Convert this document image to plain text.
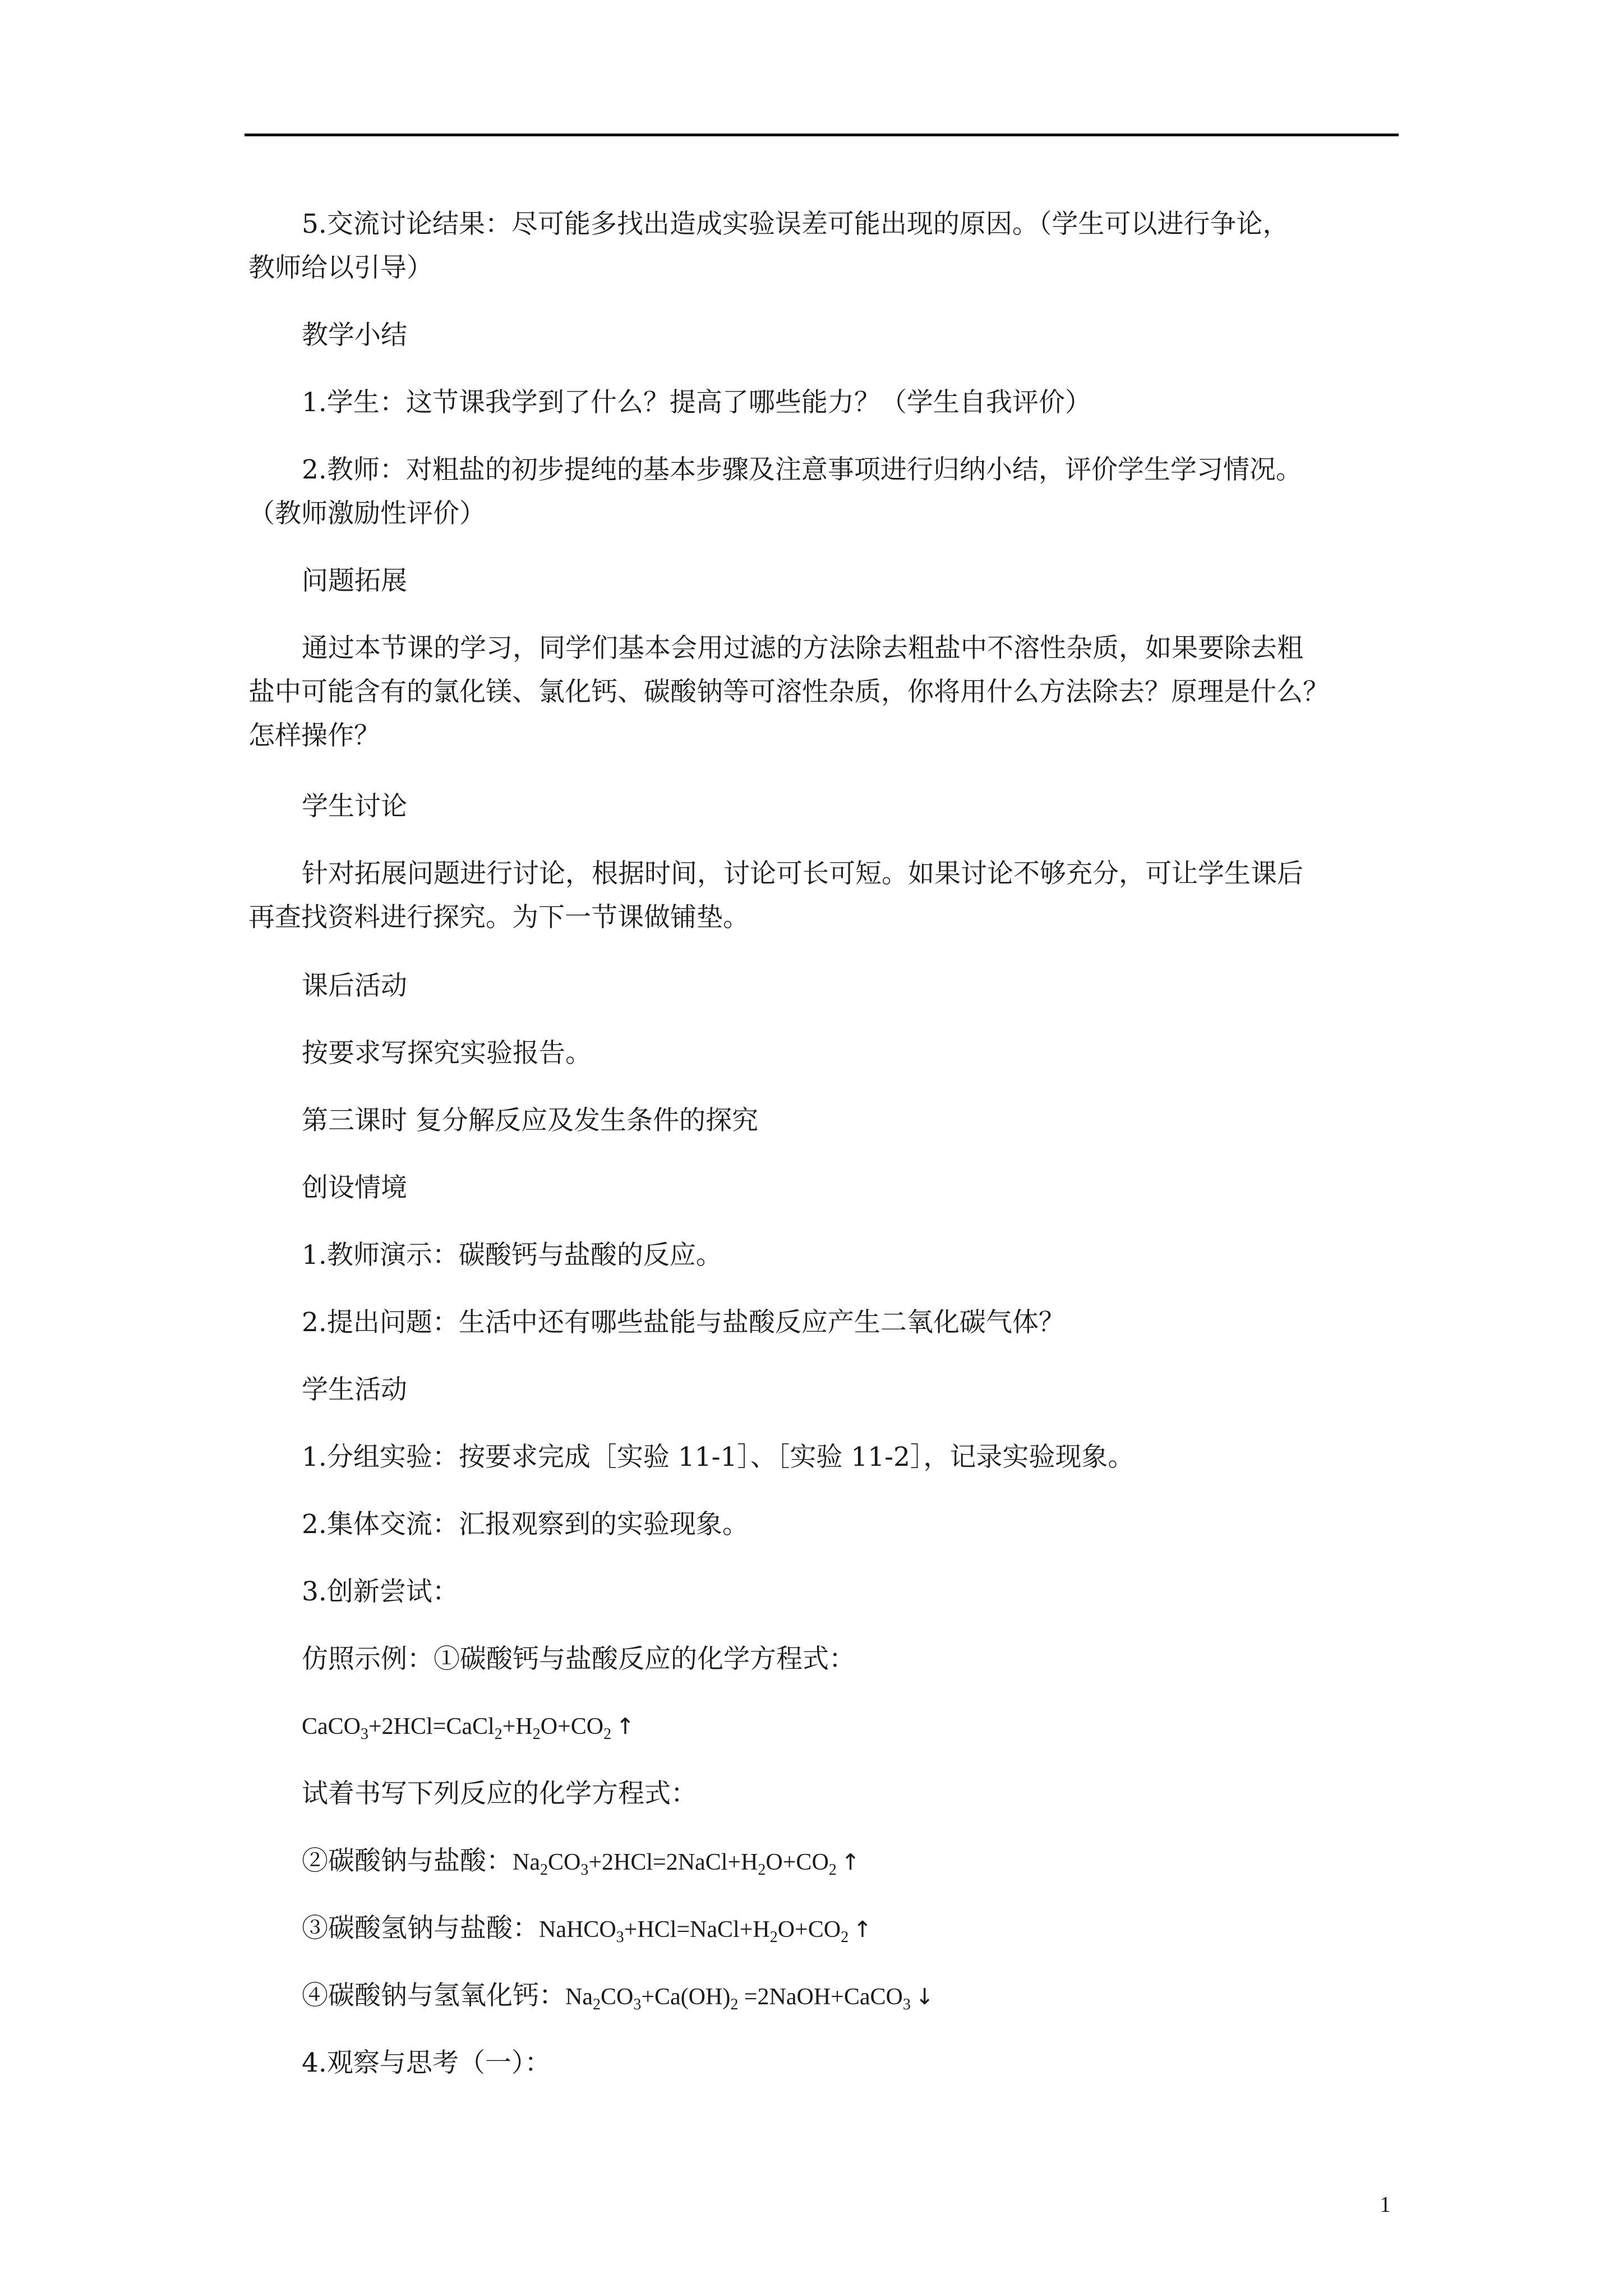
5.交流讨论结果：尽可能多找出造成实验误差可能出现的原因。（学生可以进行争论，
教师给以引导）
教学小结
1.学生：这节课我学到了什么？提高了哪些能力？（学生自我评价）
2.教师：对粗盐的初步提纯的基本步骤及注意事项进行归纳小结，评价学生学习情况。
（教师激励性评价）
问题拓展
通过本节课的学习，同学们基本会用过滤的方法除去粗盐中不溶性杂质，如果要除去粗
盐中可能含有的氯化镁、氯化钙、碳酸钠等可溶性杂质，你将用什么方法除去？原理是什么？
怎样操作？
学生讨论
针对拓展问题进行讨论，根据时间，讨论可长可短。如果讨论不够充分，可让学生课后
再查找资料进行探究。为下一节课做铺垫。
课后活动
按要求写探究实验报告。
第三课时 复分解反应及发生条件的探究
创设情境
1.教师演示：碳酸钙与盐酸的反应。
2.提出问题：生活中还有哪些盐能与盐酸反应产生二氧化碳气体？
学生活动
1.分组实验：按要求完成［实验 11-1］、［实验 11-2］，记录实验现象。
2.集体交流：汇报观察到的实验现象。
3.创新尝试：
仿照示例：①碳酸钙与盐酸反应的化学方程式：
$CaCO_3+2HCl=CaCl_2+H_2O+CO_2$ ↑
试着书写下列反应的化学方程式：
②碳酸钠与盐酸：$Na_2CO_3+2HCl=2NaCl+H_2O+CO_2$ ↑
③碳酸氢钠与盐酸：$NaHCO_3+HCl=NaCl+H_2O+CO_2$ ↑
④碳酸钠与氢氧化钙：$Na_2CO_3+Ca(OH)_2$ =2NaOH+CaCO$_3$ ↓
4.观察与思考（一）：
1
